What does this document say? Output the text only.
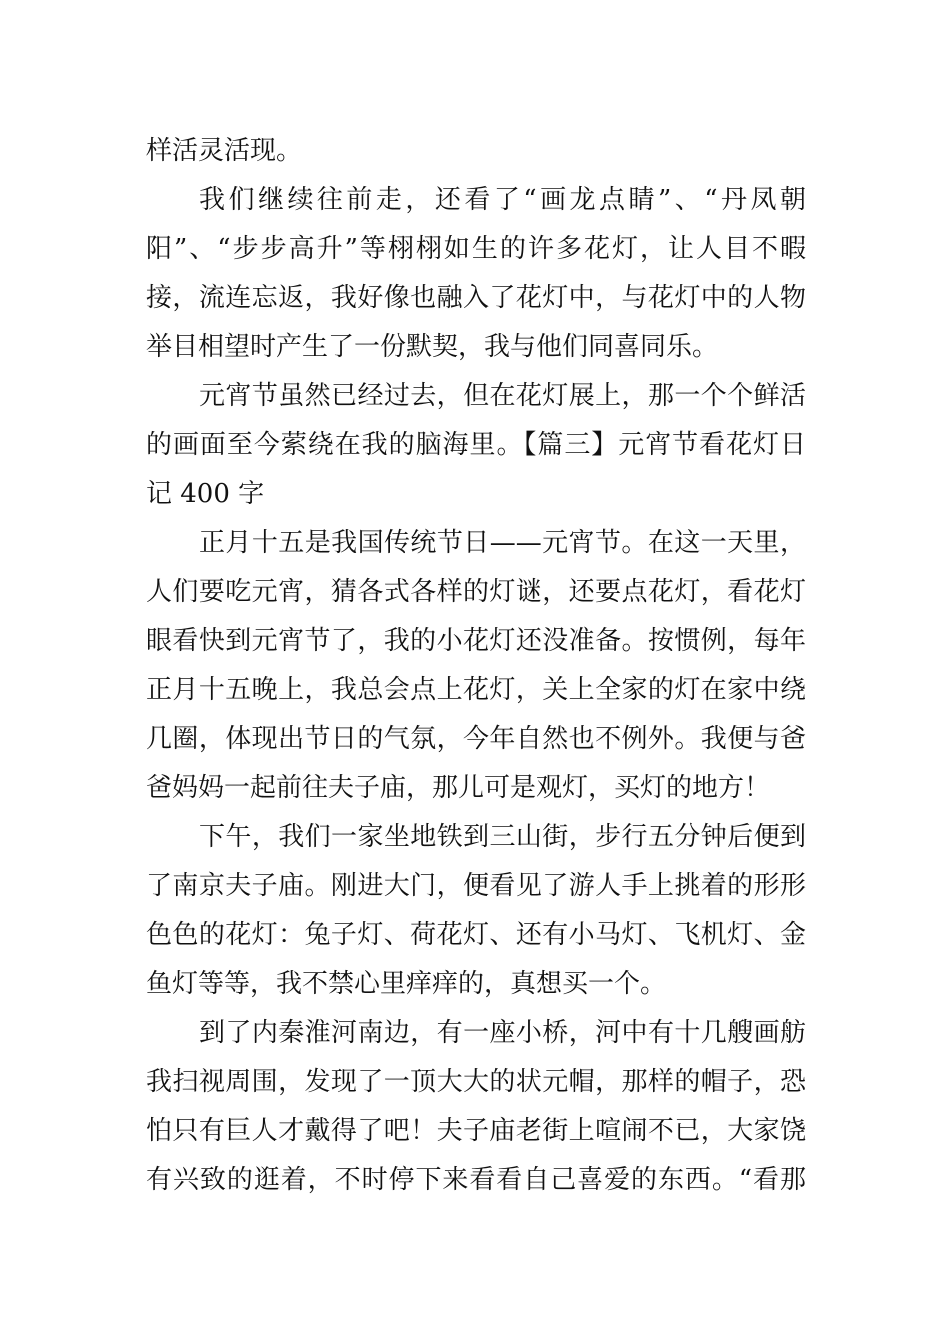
样活灵活现。
我们继续往前走，还看了“画龙点睛”、“丹凤朝
阳”、“步步高升”等栩栩如生的许多花灯，让人目不暇
接，流连忘返，我好像也融入了花灯中，与花灯中的人物
举目相望时产生了一份默契，我与他们同喜同乐。
元宵节虽然已经过去，但在花灯展上，那一个个鲜活
的画面至今萦绕在我的脑海里。【篇三】元宵节看花灯日
记 400 字
正月十五是我国传统节日——元宵节。在这一天里，
人们要吃元宵，猜各式各样的灯谜，还要点花灯，看花灯
眼看快到元宵节了，我的小花灯还没准备。按惯例，每年
正月十五晚上，我总会点上花灯，关上全家的灯在家中绕
几圈，体现出节日的气氛，今年自然也不例外。我便与爸
爸妈妈一起前往夫子庙，那儿可是观灯，买灯的地方！
下午，我们一家坐地铁到三山街，步行五分钟后便到
了南京夫子庙。刚进大门，便看见了游人手上挑着的形形
色色的花灯：兔子灯、荷花灯、还有小马灯、飞机灯、金
鱼灯等等，我不禁心里痒痒的，真想买一个。
到了内秦淮河南边，有一座小桥，河中有十几艘画舫
我扫视周围，发现了一顶大大的状元帽，那样的帽子，恐
怕只有巨人才戴得了吧！夫子庙老街上喧闹不已，大家饶
有兴致的逛着，不时停下来看看自己喜爱的东西。“看那
